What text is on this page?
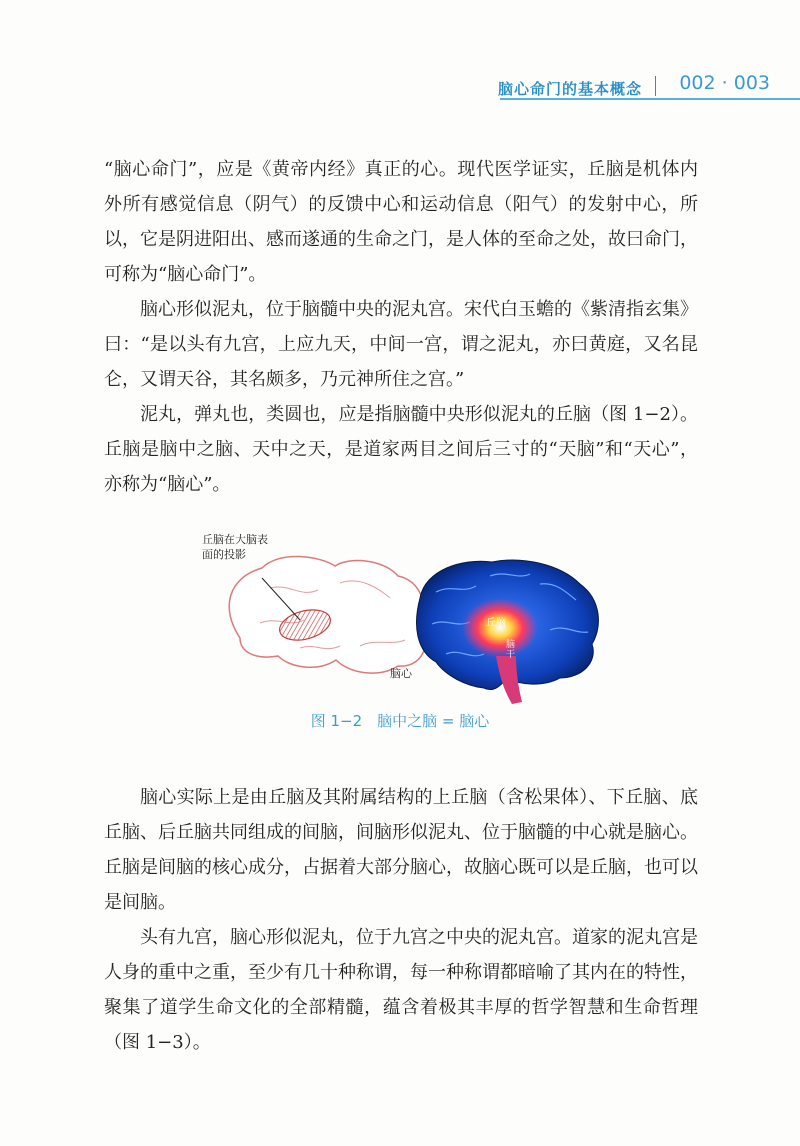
脑心命门的基本概念 002 · 003

“脑心命门”，应是《黄帝内经》真正的心。现代医学证实，丘脑是机体内外所有感觉信息（阴气）的反馈中心和运动信息（阳气）的发射中心，所以，它是阴进阳出、感而遂通的生命之门，是人体的至命之处，故曰命门，可称为“脑心命门”。

脑心形似泥丸，位于脑髓中央的泥丸宫。宋代白玉蟾的《紫清指玄集》曰：“是以头有九宫，上应九天，中间一宫，谓之泥丸，亦曰黄庭，又名昆仑，又谓天谷，其名颇多，乃元神所住之宫。”

泥丸，弹丸也，类圆也，应是指脑髓中央形似泥丸的丘脑（图 1−2）。丘脑是脑中之脑、天中之天，是道家两目之间后三寸的“天脑”和“天心”，亦称为“脑心”。

丘脑在大脑表面的投影
脑心
丘脑
脑干
图 1−2　脑中之脑 = 脑心

脑心实际上是由丘脑及其附属结构的上丘脑（含松果体）、下丘脑、底丘脑、后丘脑共同组成的间脑，间脑形似泥丸、位于脑髓的中心就是脑心。丘脑是间脑的核心成分，占据着大部分脑心，故脑心既可以是丘脑，也可以是间脑。

头有九宫，脑心形似泥丸，位于九宫之中央的泥丸宫。道家的泥丸宫是人身的重中之重，至少有几十种称谓，每一种称谓都暗喻了其内在的特性，聚集了道学生命文化的全部精髓，蕴含着极其丰厚的哲学智慧和生命哲理（图 1−3）。
